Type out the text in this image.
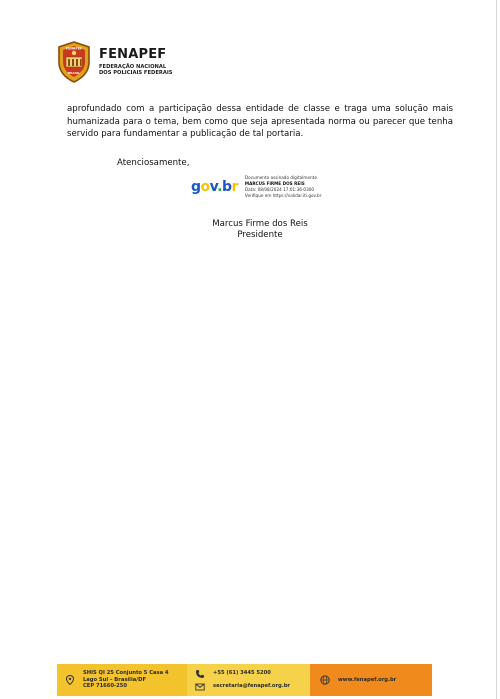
FENAPEF
BRASIL
FENAPEF
FEDERAÇÃO NACIONAL
DOS POLICIAIS FEDERAIS
aprofundado com a participação dessa entidade de classe e traga uma solução mais humanizada para o tema, bem como que seja apresentada norma ou parecer que tenha servido para fundamentar a publicação de tal portaria.
Atenciosamente,
gov.br
Documento assinado digitalmente
MARCUS FIRME DOS REIS
Data: 08/08/2024 17:01:36-0300
Verifique em https://validar.iti.gov.br
Marcus Firme dos Reis
Presidente
SHIS QI 25 Conjunto 5 Casa 4
Lago Sul – Brasília/DF
CEP 71660-250
+55 (61) 3445 5200
secretaria@fenapef.org.br
www.fenapef.org.br
